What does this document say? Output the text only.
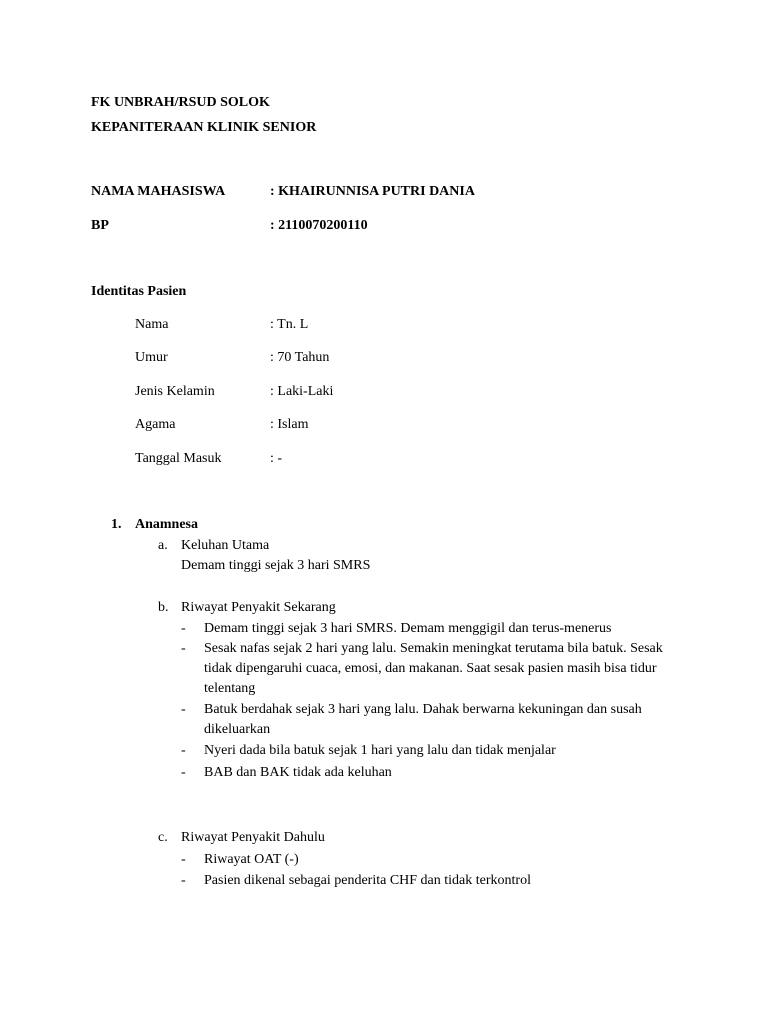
FK UNBRAH/RSUD SOLOK
KEPANITERAAN KLINIK SENIOR
NAMA MAHASISWA	: KHAIRUNNISA PUTRI DANIA
BP	: 2110070200110
Identitas Pasien
Nama	: Tn. L
Umur	: 70 Tahun
Jenis Kelamin	: Laki-Laki
Agama	: Islam
Tanggal Masuk	: -
1. Anamnesa
a. Keluhan Utama
Demam tinggi sejak 3 hari SMRS
b. Riwayat Penyakit Sekarang
- Demam tinggi sejak 3 hari SMRS. Demam menggigil dan terus-menerus
- Sesak nafas sejak 2 hari yang lalu. Semakin meningkat terutama bila batuk. Sesak tidak dipengaruhi cuaca, emosi, dan makanan. Saat sesak pasien masih bisa tidur telentang
- Batuk berdahak sejak 3 hari yang lalu. Dahak berwarna kekuningan dan susah dikeluarkan
- Nyeri dada bila batuk sejak 1 hari yang lalu dan tidak menjalar
- BAB dan BAK tidak ada keluhan
c. Riwayat Penyakit Dahulu
- Riwayat OAT (-)
- Pasien dikenal sebagai penderita CHF dan tidak terkontrol
